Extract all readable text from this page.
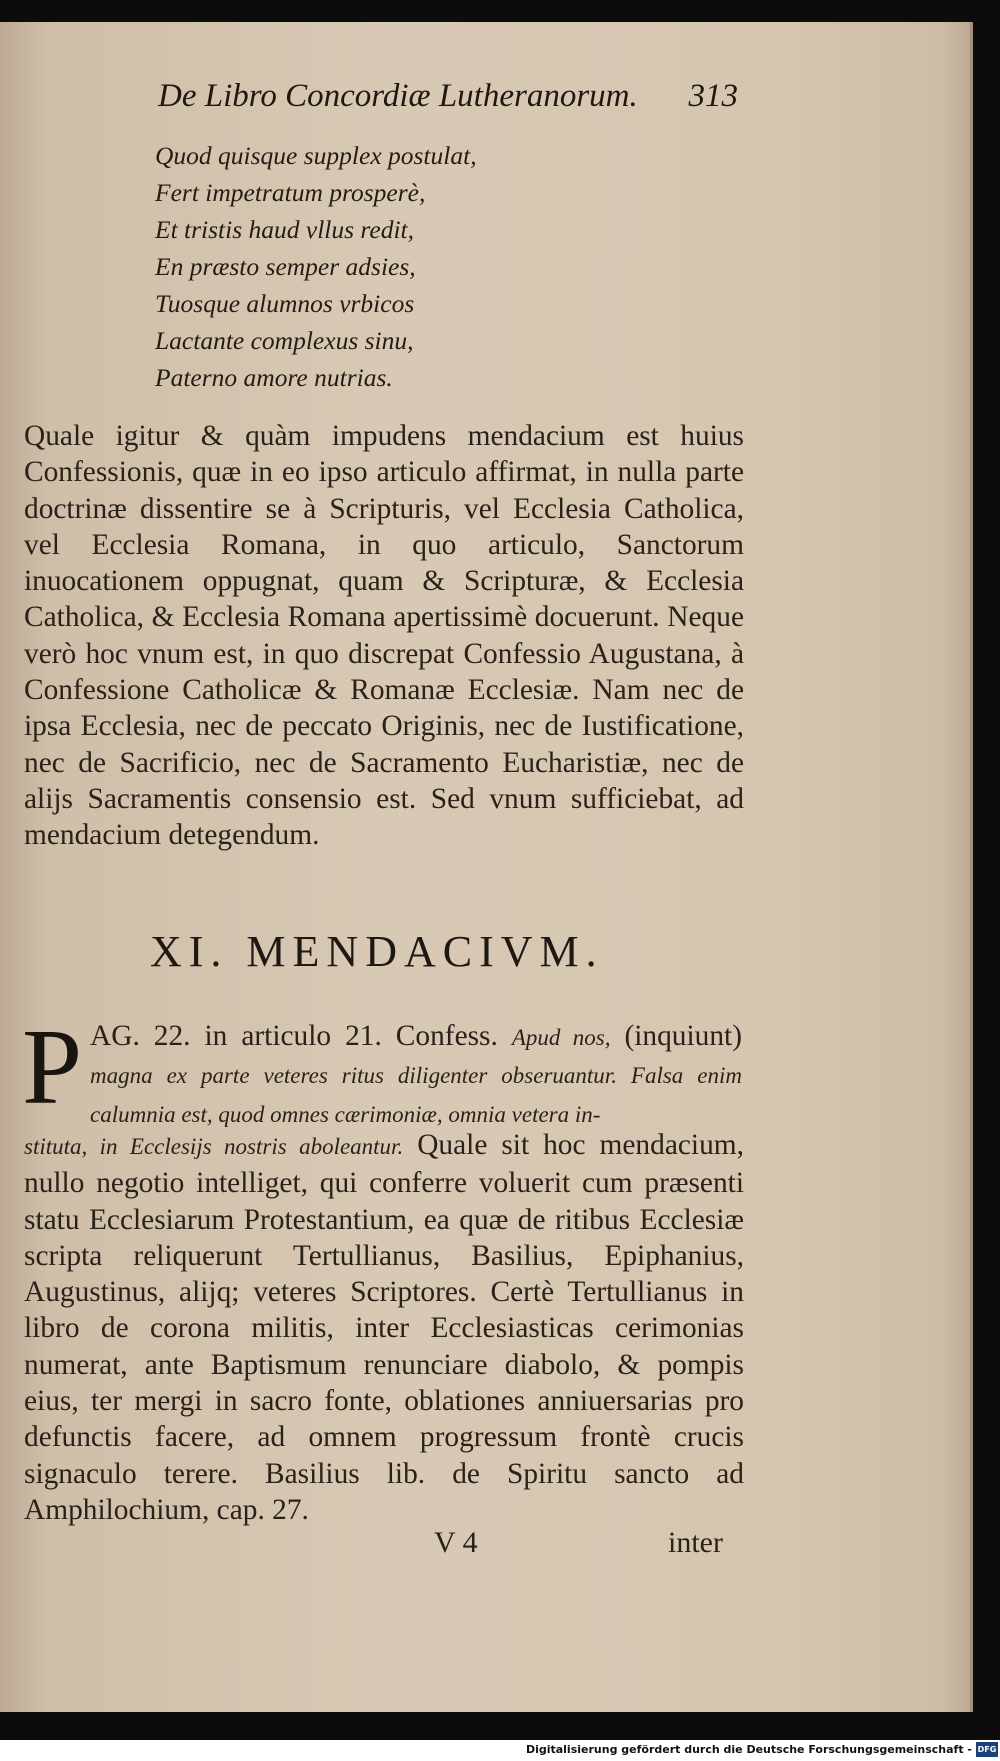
De Libro Concordiæ Lutheranorum. 313
Quod quisque supplex postulat,
Fert impetratum prosperè,
Et tristis haud vllus redit,
En præsto semper adsies,
Tuosque alumnos vrbicos
Lactante complexus sinu,
Paterno amore nutrias.

Quale igitur & quàm impudens mendacium est huius Confessionis, quæ in eo ipso articulo affirmat, in nulla parte doctrinæ dissentire se à Scripturis, vel Ecclesia Catholica, vel Ecclesia Romana, in quo articulo, Sanctorum inuocationem oppugnat, quam & Scripturæ, & Ecclesia Catholica, & Ecclesia Romana apertissimè docuerunt. Neque verò hoc vnum est, in quo discrepat Confessio Augustana, à Confessione Catholicæ & Romanæ Ecclesiæ. Nam nec de ipsa Ecclesia, nec de peccato Originis, nec de Iustificatione, nec de Sacrificio, nec de Sacramento Eucharistiæ, nec de alijs Sacramentis consensio est. Sed vnum sufficiebat, ad mendacium detegendum.

XI. MENDACIVM.
P AG. 22. in articulo 21. Confess. Apud nos, (inquiunt) magna ex parte veteres ritus diligenter obseruantur. Falsa enim calumnia est, quod omnes cærimoniæ, omnia vetera in-

stituta, in Ecclesijs nostris aboleantur. Quale sit hoc mendacium, nullo negotio intelliget, qui conferre voluerit cum præsenti statu Ecclesiarum Protestantium, ea quæ de ritibus Ecclesiæ scripta reliquerunt Tertullianus, Basilius, Epiphanius, Augustinus, alijq; veteres Scriptores. Certè Tertullianus in libro de corona militis, inter Ecclesiasticas cerimonias numerat, ante Baptismum renunciare diabolo, & pompis eius, ter mergi in sacro fonte, oblationes anniuersarias pro defunctis facere, ad omnem progressum frontè crucis signaculo terere. Basilius lib. de Spiritu sancto ad Amphilochium, cap. 27.

V 4	inter
Digitalisierung gefördert durch die Deutsche Forschungsgemeinschaft - DFG
